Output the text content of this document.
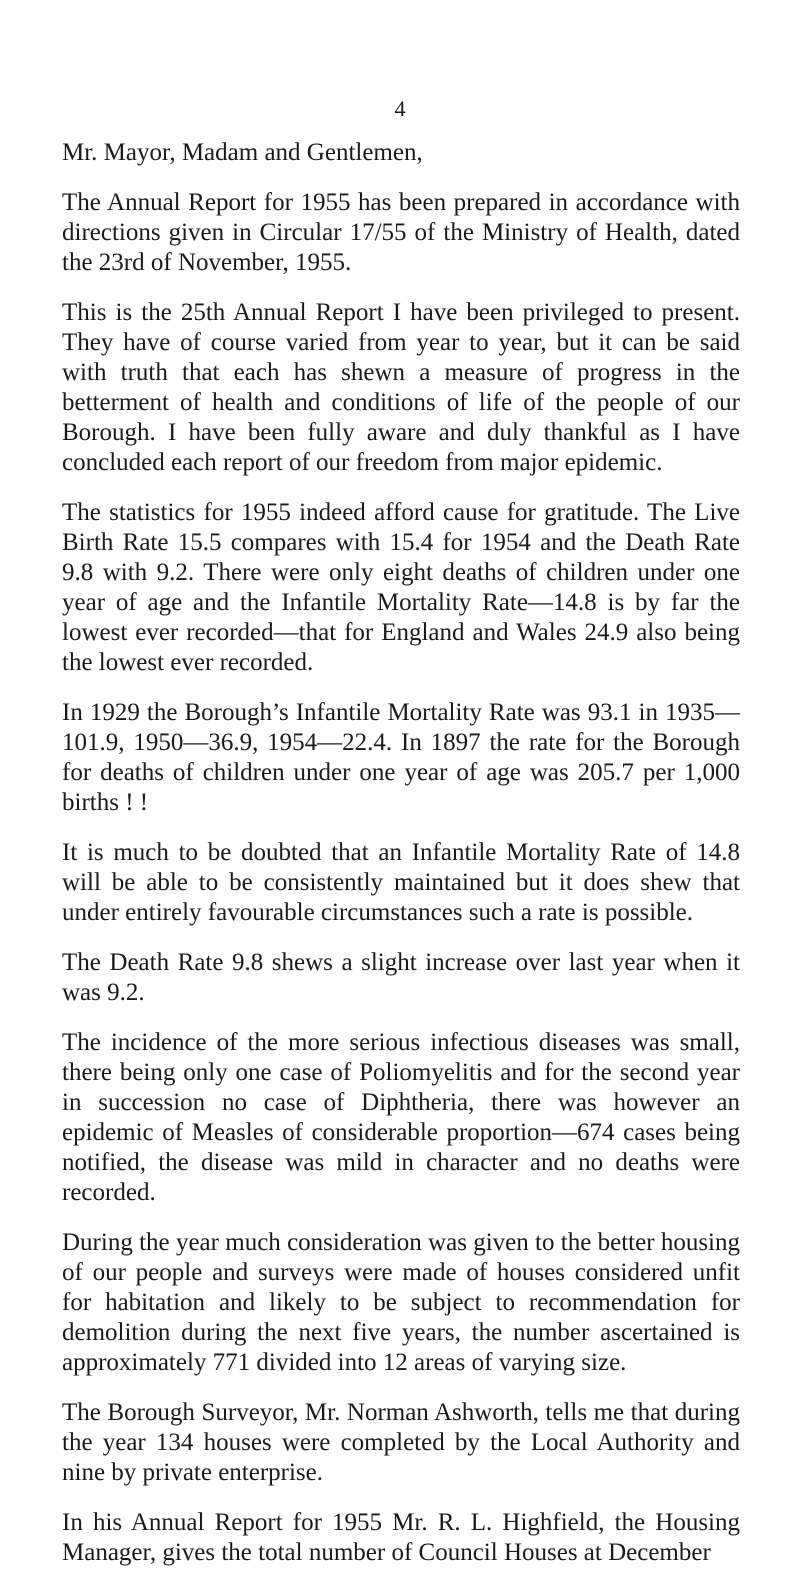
4

Mr. Mayor, Madam and Gentlemen,

The Annual Report for 1955 has been prepared in accordance with directions given in Circular 17/55 of the Ministry of Health, dated the 23rd of November, 1955.

This is the 25th Annual Report I have been privileged to present. They have of course varied from year to year, but it can be said with truth that each has shewn a measure of progress in the betterment of health and conditions of life of the people of our Borough. I have been fully aware and duly thankful as I have concluded each report of our freedom from major epidemic.

The statistics for 1955 indeed afford cause for gratitude. The Live Birth Rate 15.5 compares with 15.4 for 1954 and the Death Rate 9.8 with 9.2. There were only eight deaths of children under one year of age and the Infantile Mortality Rate—14.8 is by far the lowest ever recorded—that for England and Wales 24.9 also being the lowest ever recorded.

In 1929 the Borough’s Infantile Mortality Rate was 93.1 in 1935—101.9, 1950—36.9, 1954—22.4. In 1897 the rate for the Borough for deaths of children under one year of age was 205.7 per 1,000 births ! !

It is much to be doubted that an Infantile Mortality Rate of 14.8 will be able to be consistently maintained but it does shew that under entirely favourable circumstances such a rate is possible.

The Death Rate 9.8 shews a slight increase over last year when it was 9.2.

The incidence of the more serious infectious diseases was small, there being only one case of Poliomyelitis and for the second year in succession no case of Diphtheria, there was however an epidemic of Measles of considerable proportion—674 cases being notified, the disease was mild in character and no deaths were recorded.

During the year much consideration was given to the better housing of our people and surveys were made of houses considered unfit for habitation and likely to be subject to recommendation for demolition during the next five years, the number ascertained is approximately 771 divided into 12 areas of varying size.

The Borough Surveyor, Mr. Norman Ashworth, tells me that during the year 134 houses were completed by the Local Authority and nine by private enterprise.

In his Annual Report for 1955 Mr. R. L. Highfield, the Housing Manager, gives the total number of Council Houses at December
